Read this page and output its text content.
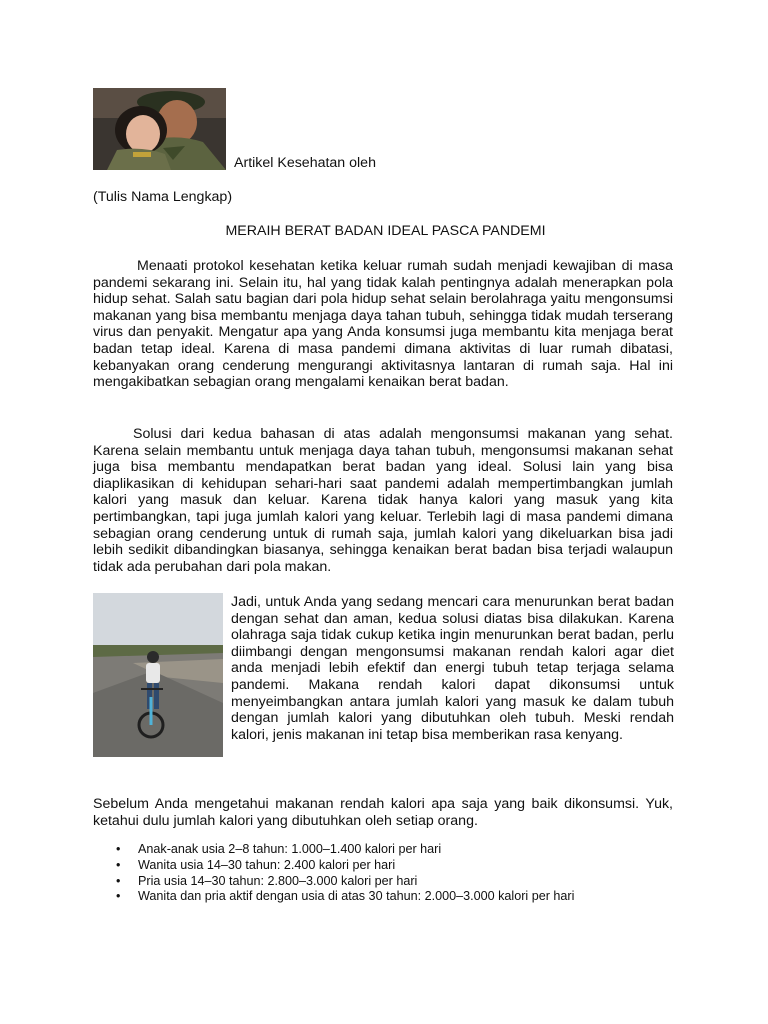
Artikel Kesehatan oleh
(Tulis Nama Lengkap)
MERAIH BERAT BADAN IDEAL PASCA PANDEMI

Menaati protokol kesehatan ketika keluar rumah sudah menjadi kewajiban di masa pandemi sekarang ini. Selain itu, hal yang tidak kalah pentingnya adalah menerapkan pola hidup sehat. Salah satu bagian dari pola hidup sehat selain berolahraga yaitu mengonsumsi makanan yang bisa membantu menjaga daya tahan tubuh, sehingga tidak mudah terserang virus dan penyakit. Mengatur apa yang Anda konsumsi juga membantu kita menjaga berat badan tetap ideal. Karena di masa pandemi dimana aktivitas di luar rumah dibatasi, kebanyakan orang cenderung mengurangi aktivitasnya lantaran di rumah saja. Hal ini mengakibatkan sebagian orang mengalami kenaikan berat badan.

Solusi dari kedua bahasan di atas adalah mengonsumsi makanan yang sehat. Karena selain membantu untuk menjaga daya tahan tubuh, mengonsumsi makanan sehat juga bisa membantu mendapatkan berat badan yang ideal. Solusi lain yang bisa diaplikasikan di kehidupan sehari-hari saat pandemi adalah mempertimbangkan jumlah kalori yang masuk dan keluar. Karena tidak hanya kalori yang masuk yang kita pertimbangkan, tapi juga jumlah kalori yang keluar. Terlebih lagi di masa pandemi dimana sebagian orang cenderung untuk di rumah saja, jumlah kalori yang dikeluarkan bisa jadi lebih sedikit dibandingkan biasanya, sehingga kenaikan berat badan bisa terjadi walaupun tidak ada perubahan dari pola makan.

Jadi, untuk Anda yang sedang mencari cara menurunkan berat badan dengan sehat dan aman, kedua solusi diatas bisa dilakukan. Karena olahraga saja tidak cukup ketika ingin menurunkan berat badan, perlu diimbangi dengan mengonsumsi makanan rendah kalori agar diet anda menjadi lebih efektif dan energi tubuh tetap terjaga selama pandemi. Makana rendah kalori dapat dikonsumsi untuk menyeimbangkan antara jumlah kalori yang masuk ke dalam tubuh dengan jumlah kalori yang dibutuhkan oleh tubuh. Meski rendah kalori, jenis makanan ini tetap bisa memberikan rasa kenyang.

Sebelum Anda mengetahui makanan rendah kalori apa saja yang baik dikonsumsi. Yuk, ketahui dulu jumlah kalori yang dibutuhkan oleh setiap orang.

• Anak-anak usia 2–8 tahun: 1.000–1.400 kalori per hari
• Wanita usia 14–30 tahun: 2.400 kalori per hari
• Pria usia 14–30 tahun: 2.800–3.000 kalori per hari
• Wanita dan pria aktif dengan usia di atas 30 tahun: 2.000–3.000 kalori per hari
